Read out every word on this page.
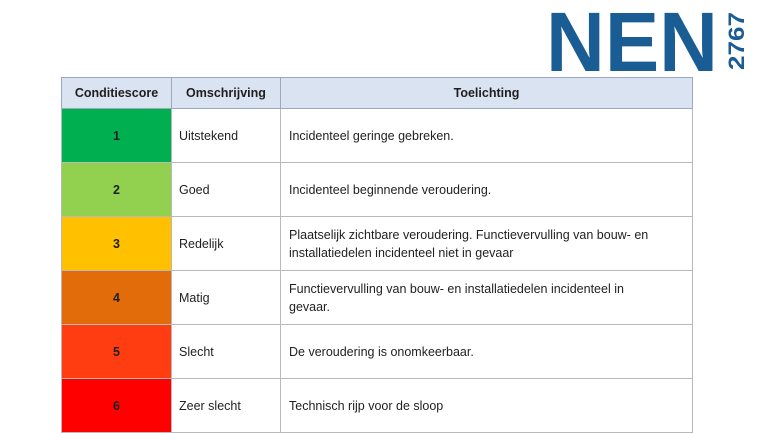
NEN 2767
Conditiescore	Omschrijving	Toelichting
1	Uitstekend	Incidenteel geringe gebreken.
2	Goed	Incidenteel beginnende veroudering.
3	Redelijk	Plaatselijk zichtbare veroudering. Functievervulling van bouw- en installatiedelen incidenteel niet in gevaar
4	Matig	Functievervulling van bouw- en installatiedelen incidenteel in gevaar.
5	Slecht	De veroudering is onomkeerbaar.
6	Zeer slecht	Technisch rijp voor de sloop
